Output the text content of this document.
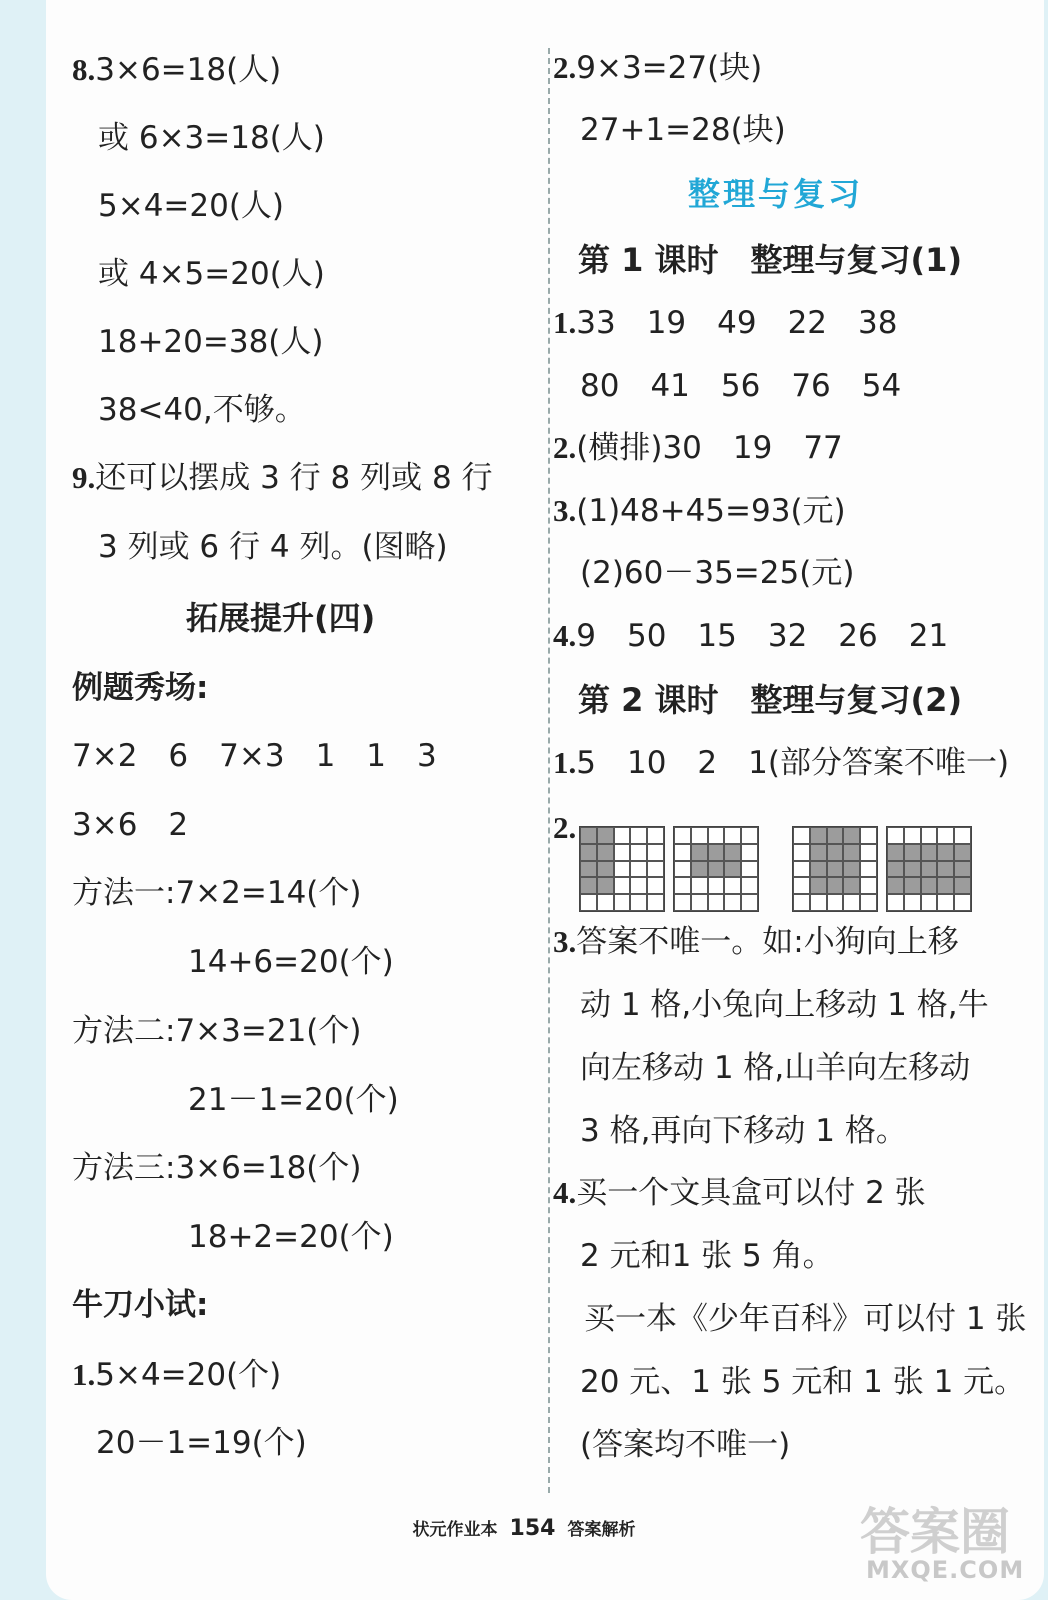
8.3×6=18(人)
或 6×3=18(人)
5×4=20(人)
或 4×5=20(人)
18+20=38(人)
38<40,不够。
9.还可以摆成 3 行 8 列或 8 行
3 列或 6 行 4 列。(图略)
例题秀场:
7×2　6　7×3　1　1　3
3×6　2
方法一:7×2=14(个)
14+6=20(个)
方法二:7×3=21(个)
21－1=20(个)
方法三:3×6=18(个)
18+2=20(个)
牛刀小试:
1.5×4=20(个)
20－1=19(个)
拓展提升(四)
2.9×3=27(块)
27+1=28(块)
第 1 课时　整理与复习(1)
1.33　19　49　22　38
80　41　56　76　54
2.(横排)30　19　77
3.(1)48+45=93(元)
(2)60－35=25(元)
4.9　50　15　32　26　21
第 2 课时　整理与复习(2)
1.5　10　2　1(部分答案不唯一)
2.
3.答案不唯一。如:小狗向上移
动 1 格,小兔向上移动 1 格,牛
向左移动 1 格,山羊向左移动
3 格,再向下移动 1 格。
4.买一个文具盒可以付 2 张
2 元和1 张 5 角。
买一本《少年百科》可以付 1 张
20 元、1 张 5 元和 1 张 1 元。
(答案均不唯一)
整理与复习
状元作业本 154 答案解析	答案圈
MXQE.COM
